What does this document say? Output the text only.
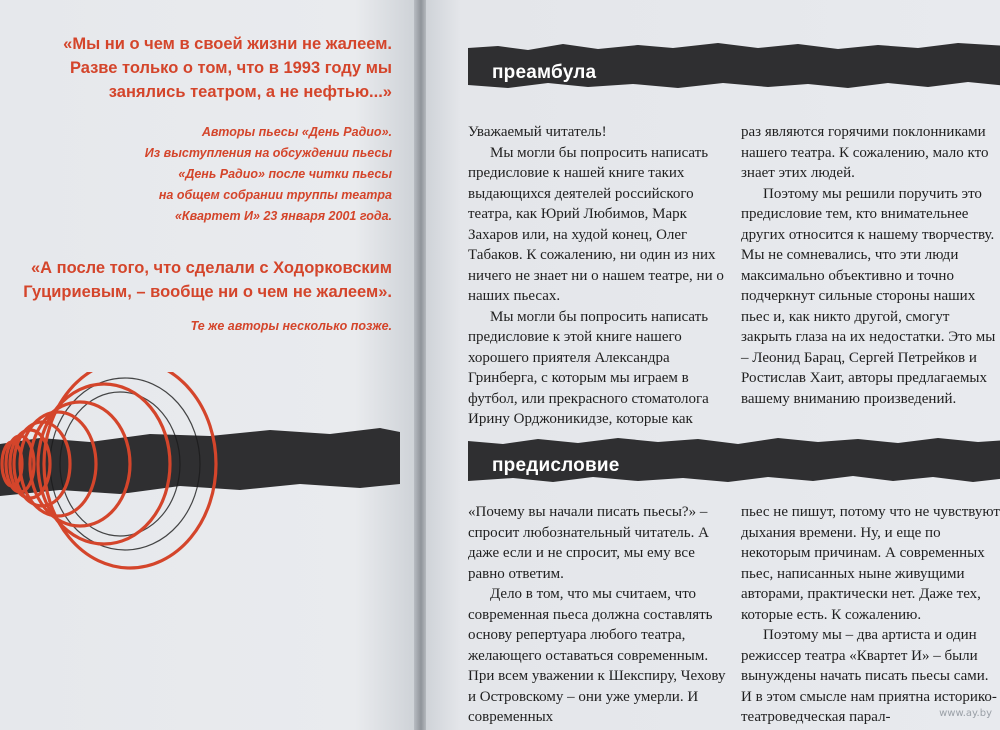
«Мы ни о чем в своей жизни не жалеем. Разве только о том, что в 1993 году мы занялись театром, а не нефтью...»
Авторы пьесы «День Радио».
Из выступления на обсуждении пьесы
«День Радио» после читки пьесы
на общем собрании труппы театра
«Квартет И» 23 января 2001 года.
«А после того, что сделали с Ходорковским Гуцириевым, – вообще ни о чем не жалеем».
Те же авторы несколько позже.
преамбула

Уважаемый читатель!

Мы могли бы попросить написать предисловие к нашей книге таких выдающихся деятелей российского театра, как Юрий Любимов, Марк Захаров или, на худой конец, Олег Табаков. К сожалению, ни один из них ничего не знает ни о нашем театре, ни о наших пьесах.

Мы могли бы попросить написать предисловие к этой книге нашего хорошего приятеля Александра Гринберга, с которым мы играем в футбол, или прекрасного стоматолога Ирину Орджоникидзе, которые как

раз являются горячими поклонниками нашего театра. К сожалению, мало кто знает этих людей.

Поэтому мы решили поручить это предисловие тем, кто внимательнее других относится к нашему творчеству. Мы не сомневались, что эти люди максимально объективно и точно подчеркнут сильные стороны наших пьес и, как никто другой, смогут закрыть глаза на их недостатки. Это мы – Леонид Барац, Сергей Петрейков и Ростислав Хаит, авторы предлагаемых вашему вниманию произведений.

предисловие

«Почему вы начали писать пьесы?» – спросит любознательный читатель. А даже если и не спросит, мы ему все равно ответим.

Дело в том, что мы считаем, что современная пьеса должна составлять основу репертуара любого театра, желающего оставаться современным. При всем уважении к Шекспиру, Чехову и Островскому – они уже умерли. И современных

пьес не пишут, потому что не чувствуют дыхания времени. Ну, и еще по некоторым причинам. А современных пьес, написанных ныне живущими авторами, практически нет. Даже тех, которые есть. К сожалению.

Поэтому мы – два артиста и один режиссер театра «Квартет И» – были вынуждены начать писать пьесы сами. И в этом смысле нам приятна историко-театроведческая парал-	www.ay.by
